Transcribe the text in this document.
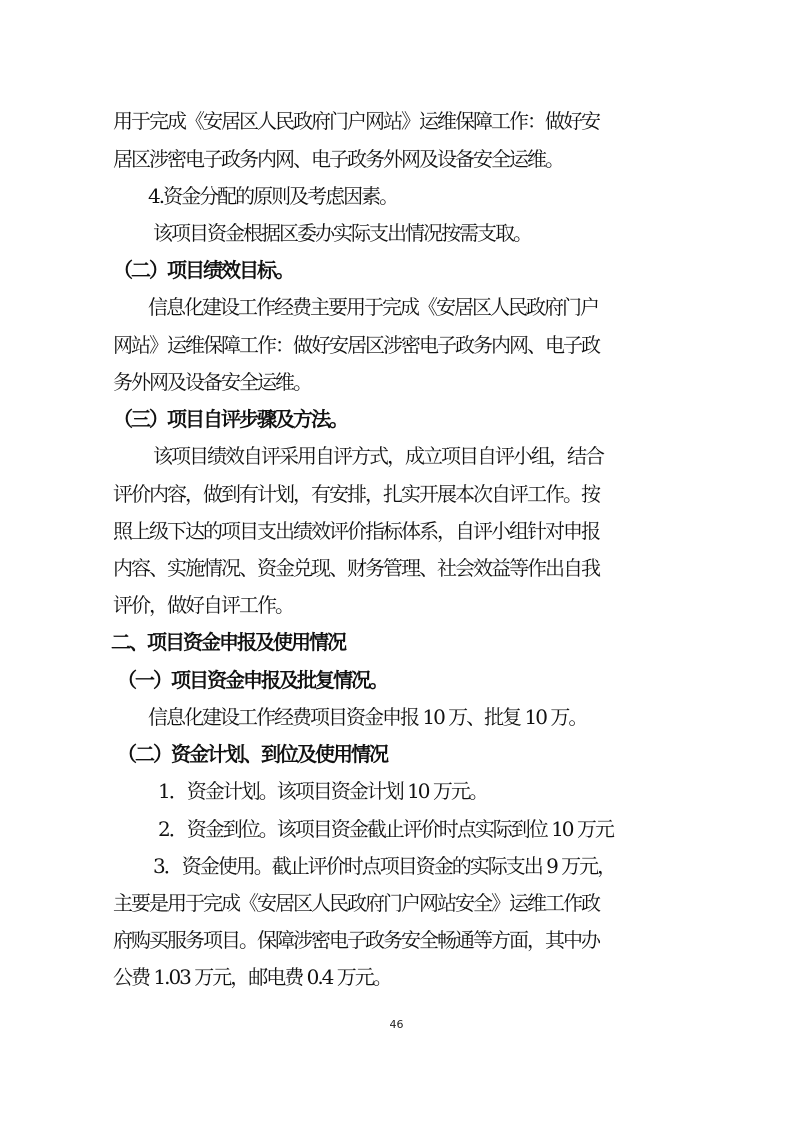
用于完成《安居区人民政府门户网站》运维保障工作：做好安
居区涉密电子政务内网、电子政务外网及设备安全运维。
4.资金分配的原则及考虑因素。
该项目资金根据区委办实际支出情况按需支取。
（二）项目绩效目标。
信息化建设工作经费主要用于完成《安居区人民政府门户
网站》运维保障工作：做好安居区涉密电子政务内网、电子政
务外网及设备安全运维。
（三）项目自评步骤及方法。
该项目绩效自评采用自评方式，成立项目自评小组，结合
评价内容，做到有计划，有安排，扎实开展本次自评工作。按
照上级下达的项目支出绩效评价指标体系，自评小组针对申报
内容、实施情况、资金兑现、财务管理、社会效益等作出自我
评价，做好自评工作。
二、项目资金申报及使用情况
（一）项目资金申报及批复情况。
信息化建设工作经费项目资金申报 10 万、批复 10 万。
（二）资金计划、到位及使用情况
1．资金计划。该项目资金计划 10 万元。
2．资金到位。该项目资金截止评价时点实际到位 10 万元
3．资金使用。截止评价时点项目资金的实际支出 9 万元，
主要是用于完成《安居区人民政府门户网站安全》运维工作政
府购买服务项目。保障涉密电子政务安全畅通等方面，其中办
公费 1.03 万元，邮电费 0.4 万元。
46
